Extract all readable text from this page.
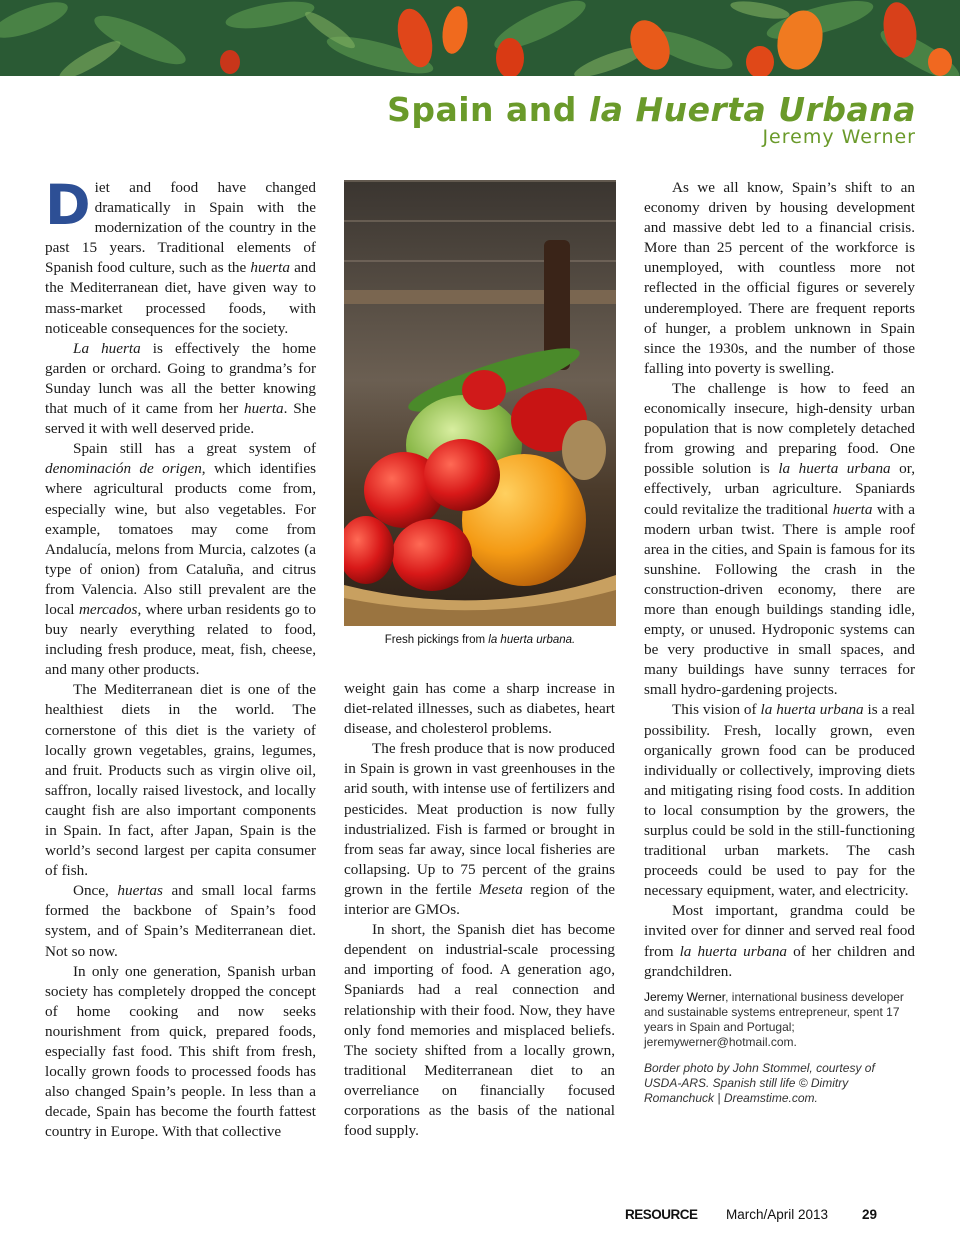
Spain and la Huerta Urbana
Jeremy Werner

Diet and food have changed dramatically in Spain with the modernization of the country in the past 15 years. Traditional elements of Spanish food culture, such as the huerta and the Mediterranean diet, have given way to mass-market processed foods, with noticeable consequences for the society.

La huerta is effectively the home garden or orchard. Going to grandma’s for Sunday lunch was all the better knowing that much of it came from her huerta. She served it with well deserved pride.

Spain still has a great system of denominación de origen, which identifies where agricultural products come from, especially wine, but also vegetables. For example, tomatoes may come from Andalucía, melons from Murcia, calzotes (a type of onion) from Cataluña, and citrus from Valencia. Also still prevalent are the local mercados, where urban residents go to buy nearly everything related to food, including fresh produce, meat, fish, cheese, and many other products.

The Mediterranean diet is one of the healthiest diets in the world. The cornerstone of this diet is the variety of locally grown vegetables, grains, legumes, and fruit. Products such as virgin olive oil, saffron, locally raised livestock, and locally caught fish are also important components in Spain. In fact, after Japan, Spain is the world’s second largest per capita consumer of fish.

Once, huertas and small local farms formed the backbone of Spain’s food system, and of Spain’s Mediterranean diet. Not so now.

In only one generation, Spanish urban society has completely dropped the concept of home cooking and now seeks nourishment from quick, prepared foods, especially fast food. This shift from fresh, locally grown foods to processed foods has also changed Spain’s people. In less than a decade, Spain has become the fourth fattest country in Europe. With that collective

Fresh pickings from la huerta urbana.

weight gain has come a sharp increase in diet-related illnesses, such as diabetes, heart disease, and cholesterol problems.

The fresh produce that is now produced in Spain is grown in vast greenhouses in the arid south, with intense use of fertilizers and pesticides. Meat production is now fully industrialized. Fish is farmed or brought in from seas far away, since local fisheries are collapsing. Up to 75 percent of the grains grown in the fertile Meseta region of the interior are GMOs.

In short, the Spanish diet has become dependent on industrial-scale processing and importing of food. A generation ago, Spaniards had a real connection and relationship with their food. Now, they have only fond memories and misplaced beliefs. The society shifted from a locally grown, traditional Mediterranean diet to an overreliance on financially focused corporations as the basis of the national food supply.

As we all know, Spain’s shift to an economy driven by housing development and massive debt led to a financial crisis. More than 25 percent of the workforce is unemployed, with countless more not reflected in the official figures or severely underemployed. There are frequent reports of hunger, a problem unknown in Spain since the 1930s, and the number of those falling into poverty is swelling.

The challenge is how to feed an economically insecure, high-density urban population that is now completely detached from growing and preparing food. One possible solution is la huerta urbana or, effectively, urban agriculture. Spaniards could revitalize the traditional huerta with a modern urban twist. There is ample roof area in the cities, and Spain is famous for its sunshine. Following the crash in the construction-driven economy, there are more than enough buildings standing idle, empty, or unused. Hydroponic systems can be very productive in small spaces, and many buildings have sunny terraces for small hydro-gardening projects.

This vision of la huerta urbana is a real possibility. Fresh, locally grown, even organically grown food can be produced individually or collectively, improving diets and mitigating rising food costs. In addition to local consumption by the growers, the surplus could be sold in the still-functioning traditional urban markets. The cash proceeds could be used to pay for the necessary equipment, water, and electricity.

Most important, grandma could be invited over for dinner and served real food from la huerta urbana of her children and grandchildren.

Jeremy Werner, international business developer and sustainable systems entrepreneur, spent 17 years in Spain and Portugal; jeremywerner@hotmail.com.
Border photo by John Stommel, courtesy of USDA-ARS. Spanish still life © Dimitry Romanchuck | Dreamstime.com.
RESOURCE March/April 2013	29
